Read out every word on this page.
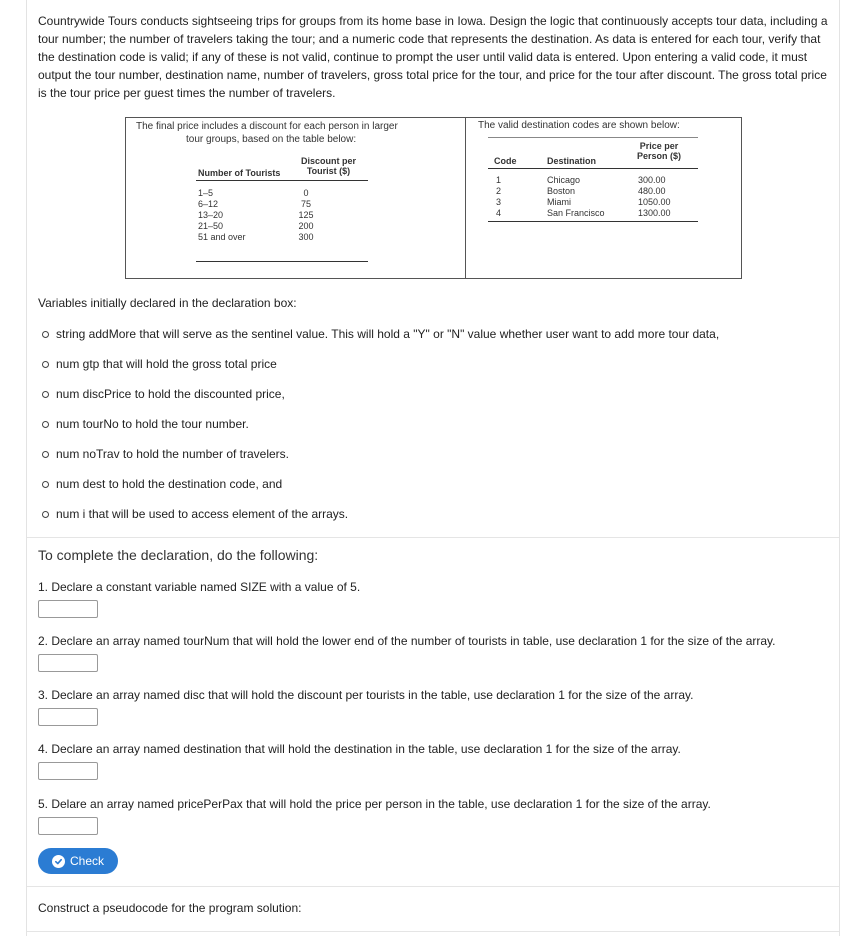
Countrywide Tours conducts sightseeing trips for groups from its home base in Iowa. Design the logic that continuously accepts tour data, including a tour number; the number of travelers taking the tour; and a numeric code that represents the destination. As data is entered for each tour, verify that the destination code is valid; if any of these is not valid, continue to prompt the user until valid data is entered. Upon entering a valid code, it must output the tour number, destination name, number of travelers, gross total price for the tour, and price for the tour after discount. The gross total price is the tour price per guest times the number of travelers.

The final price includes a discount for each person in larger
tour groups, based on the table below:
Discount per
Tourist ($)
Number of Tourists
1–5
6–12
13–20
21–50
51 and over
0
75
125
200
300
The valid destination codes are shown below:
Code	Destination
Price per
Person ($)
1
2
3
4
Chicago
Boston
Miami
San Francisco
300.00
480.00
1050.00
1300.00

Variables initially declared in the declaration box:

string addMore that will serve as the sentinel value. This will hold a "Y" or "N" value whether user want to add more tour data,
num gtp that will hold the gross total price
num discPrice to hold the discounted price,
num tourNo to hold the tour number.
num noTrav to hold the number of travelers.
num dest to hold the destination code, and
num i that will be used to access element of the arrays.

To complete the declaration, do the following:

1. Declare a constant variable named SIZE with a value of 5.

2. Declare an array named tourNum that will hold the lower end of the number of tourists in table, use declaration 1 for the size of the array.

3. Declare an array named disc that will hold the discount per tourists in the table, use declaration 1 for the size of the array.

4. Declare an array named destination that will hold the destination in the table, use declaration 1 for the size of the array.

5. Delare an array named pricePerPax that will hold the price per person in the table, use declaration 1 for the size of the array.

Check

Construct a pseudocode for the program solution:
